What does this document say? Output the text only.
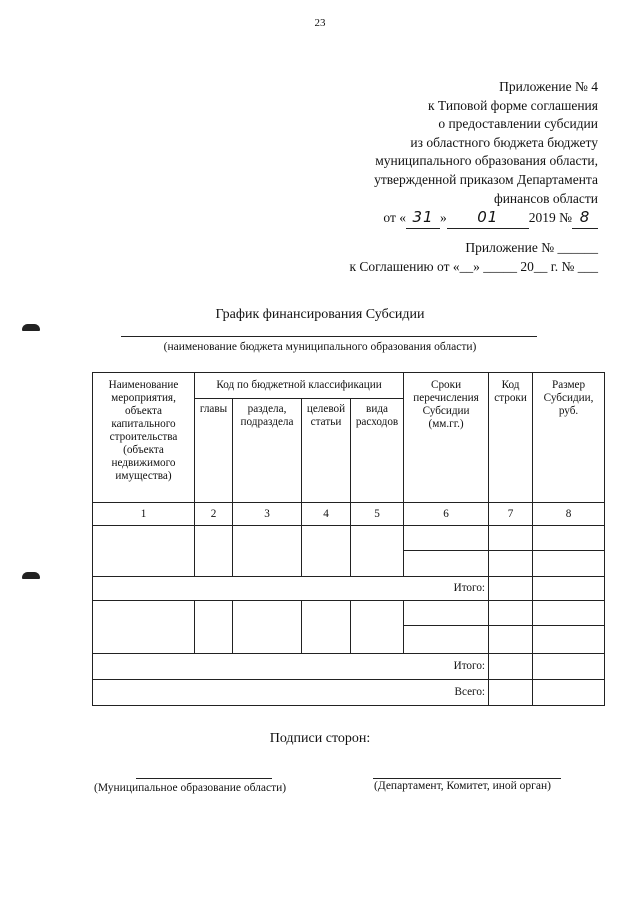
23
Приложение № 4
к Типовой форме соглашения
о предоставлении субсидии
из областного бюджета бюджету
муниципального образования области,
утвержденной приказом Департамента
финансов области
от « 31 » 01 2019 № 8
Приложение № ______
к Соглашению от «__» _____ 20__ г. № ___
График финансирования Субсидии
(наименование бюджета муниципального образования области)
Наименование мероприятия, объекта капитального строительства (объекта недвижимого имущества)	Код по бюджетной классификации				Сроки перечисления Субсидии (мм.гг.)	Код строки	Размер Субсидии, руб.
	главы	раздела, подраздела	целевой статьи	вида расходов			
1	2	3	4	5	6	7	8

Итого:							

Итого:							
Всего:							
Подписи сторон:
(Муниципальное образование области)	(Департамент, Комитет, иной орган)
